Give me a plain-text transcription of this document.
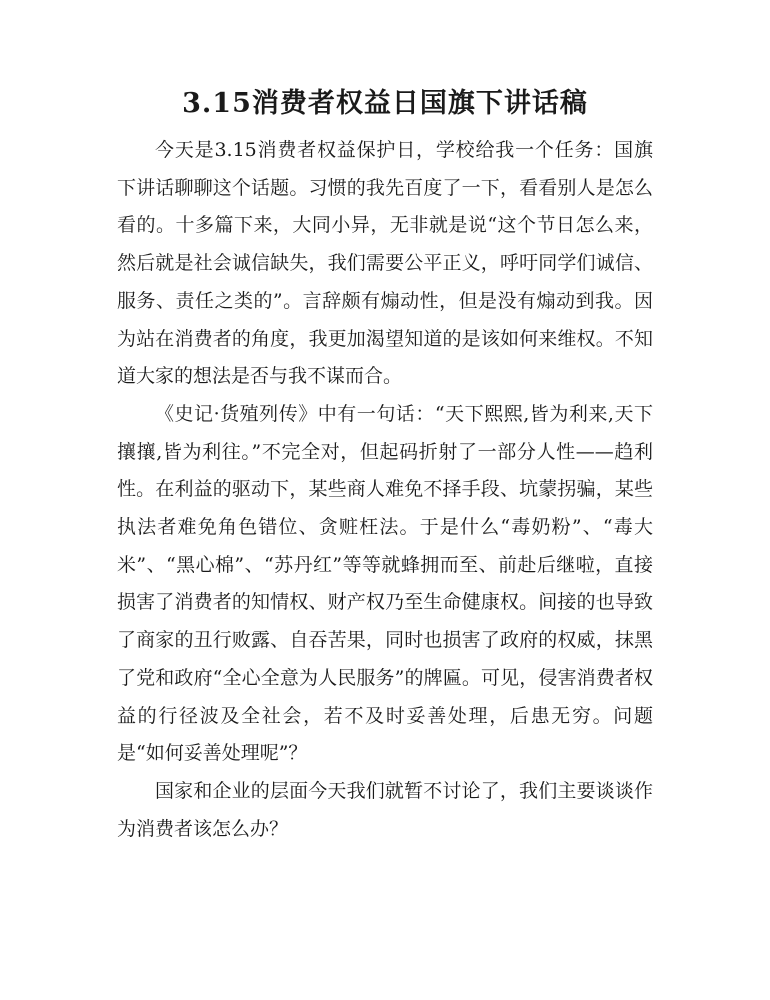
3.15消费者权益日国旗下讲话稿

今天是3.15消费者权益保护日，学校给我一个任务：国旗下讲话聊聊这个话题。习惯的我先百度了一下，看看别人是怎么看的。十多篇下来，大同小异，无非就是说“这个节日怎么来，然后就是社会诚信缺失，我们需要公平正义，呼吁同学们诚信、服务、责任之类的”。言辞颇有煽动性，但是没有煽动到我。因为站在消费者的角度，我更加渴望知道的是该如何来维权。不知道大家的想法是否与我不谋而合。

《史记·货殖列传》中有一句话：“天下熙熙,皆为利来,天下攘攘,皆为利往。”不完全对，但起码折射了一部分人性——趋利性。在利益的驱动下，某些商人难免不择手段、坑蒙拐骗，某些执法者难免角色错位、贪赃枉法。于是什么“毒奶粉”、“毒大米”、“黑心棉”、“苏丹红”等等就蜂拥而至、前赴后继啦，直接损害了消费者的知情权、财产权乃至生命健康权。间接的也导致了商家的丑行败露、自吞苦果，同时也损害了政府的权威，抹黑了党和政府“全心全意为人民服务”的牌匾。可见，侵害消费者权益的行径波及全社会，若不及时妥善处理，后患无穷。问题是“如何妥善处理呢”？

国家和企业的层面今天我们就暂不讨论了，我们主要谈谈作为消费者该怎么办？
